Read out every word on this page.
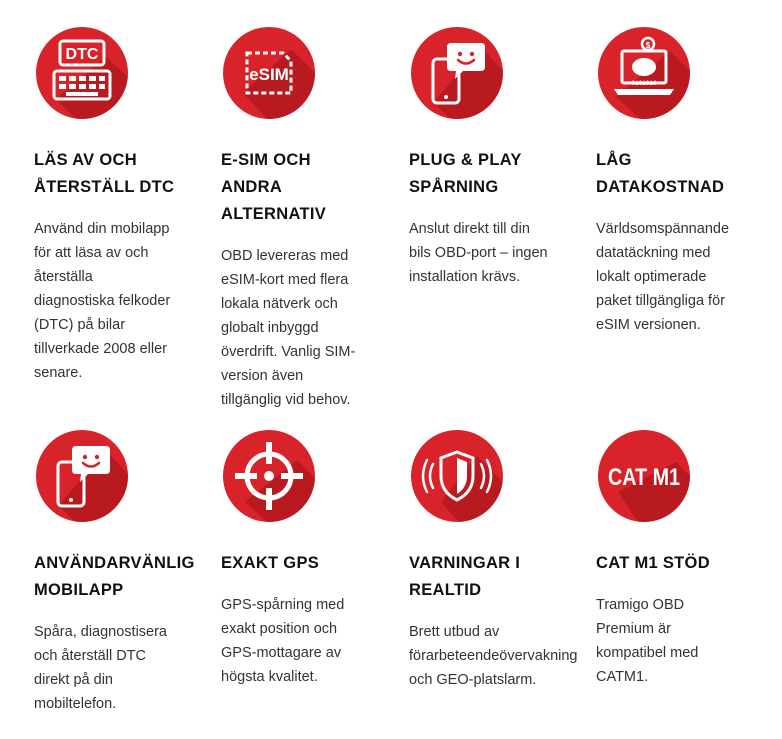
DTC
LÄS AV OCH
ÅTERSTÄLL DTC

Använd din mobilapp
för att läsa av och
återställa
diagnostiska felkoder
(DTC) på bilar
tillverkade 2008 eller
senare.

eSIM
E-SIM OCH
ANDRA
ALTERNATIV

OBD levereras med
eSIM-kort med flera
lokala nätverk och
globalt inbyggd
överdrift. Vanlig SIM-
version även
tillgänglig vid behov.

PLUG & PLAY
SPÅRNING

Anslut direkt till din
bils OBD-port – ingen
installation krävs.

$
0101010
LÅG
DATAKOSTNAD

Världsomspännande
datatäckning med
lokalt optimerade
paket tillgängliga för
eSIM versionen.

ANVÄNDARVÄNLIG
MOBILAPP

Spåra, diagnostisera
och återställ DTC
direkt på din
mobiltelefon.

EXAKT GPS

GPS-spårning med
exakt position och
GPS-mottagare av
högsta kvalitet.

VARNINGAR I
REALTID

Brett utbud av
förarbeteendeövervakning
och GEO-platslarm.

CAT M1
CAT M1 STÖD

Tramigo OBD
Premium är
kompatibel med
CATM1.
